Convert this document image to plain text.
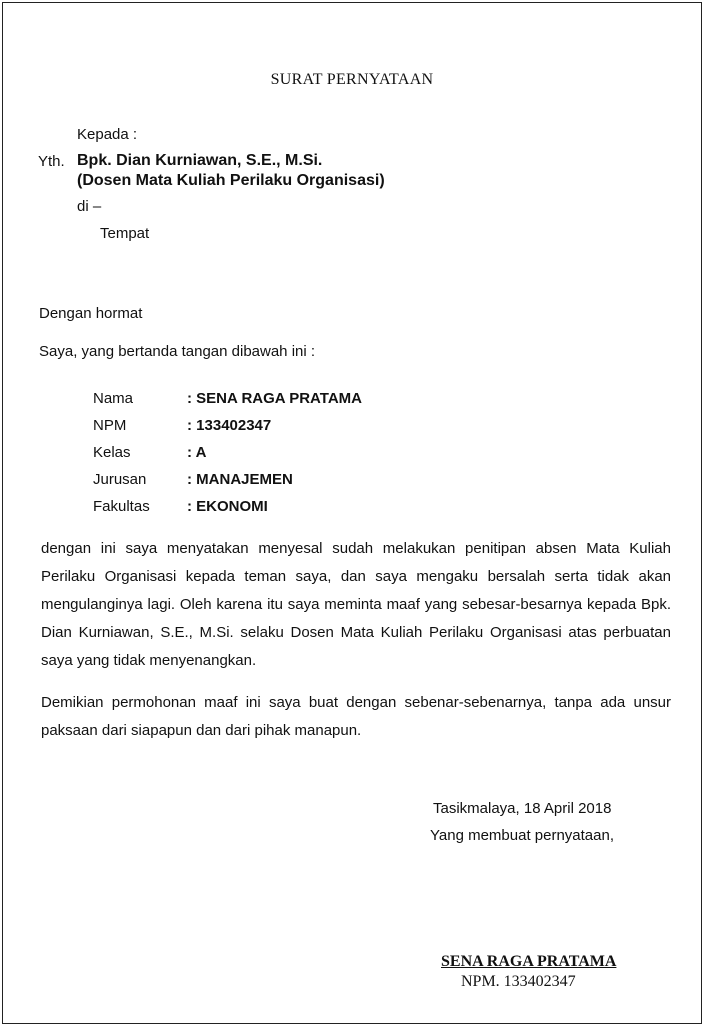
SURAT PERNYATAAN
Kepada :
Yth. Bpk. Dian Kurniawan, S.E., M.Si.
(Dosen Mata Kuliah Perilaku Organisasi)
di –
Tempat
Dengan hormat
Saya, yang bertanda tangan dibawah ini :
Nama	: SENA RAGA PRATAMA
NPM	: 133402347
Kelas	: A
Jurusan	: MANAJEMEN
Fakultas	: EKONOMI
dengan ini saya menyatakan menyesal sudah melakukan penitipan absen Mata Kuliah Perilaku Organisasi kepada teman saya, dan saya mengaku bersalah serta tidak akan mengulanginya lagi. Oleh karena itu saya meminta maaf yang sebesar-besarnya kepada Bpk. Dian Kurniawan, S.E., M.Si. selaku Dosen Mata Kuliah Perilaku Organisasi atas perbuatan saya yang tidak menyenangkan.
Demikian permohonan maaf ini saya buat dengan sebenar-sebenarnya, tanpa ada unsur paksaan dari siapapun dan dari pihak manapun.
Tasikmalaya, 18 April 2018
Yang membuat pernyataan,
SENA RAGA PRATAMA
NPM. 133402347
